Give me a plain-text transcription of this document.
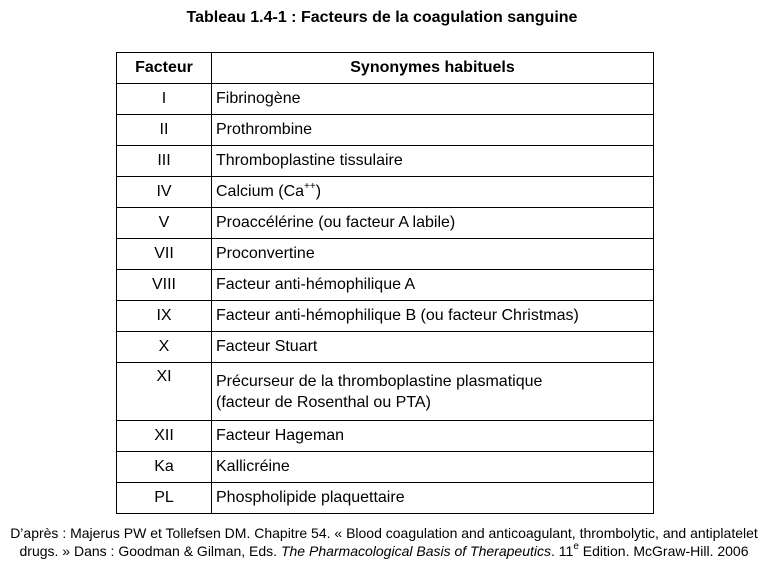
Tableau 1.4-1 : Facteurs de la coagulation sanguine
Facteur	Synonymes habituels
I	Fibrinogène
II	Prothrombine
III	Thromboplastine tissulaire
IV	Calcium (Ca++)
V	Proaccélérine (ou facteur A labile)
VII	Proconvertine
VIII	Facteur anti-hémophilique A
IX	Facteur anti-hémophilique B (ou facteur Christmas)
X	Facteur Stuart
XI	Précurseur de la thromboplastine plasmatique
(facteur de Rosenthal ou PTA)

XII	Facteur Hageman
Ka	Kallicréine
PL	Phospholipide plaquettaire
D’après : Majerus PW et Tollefsen DM. Chapitre 54. « Blood coagulation and anticoagulant, thrombolytic, and antiplatelet drugs. » Dans : Goodman & Gilman, Eds. The Pharmacological Basis of Therapeutics. 11e Edition. McGraw-Hill. 2006
